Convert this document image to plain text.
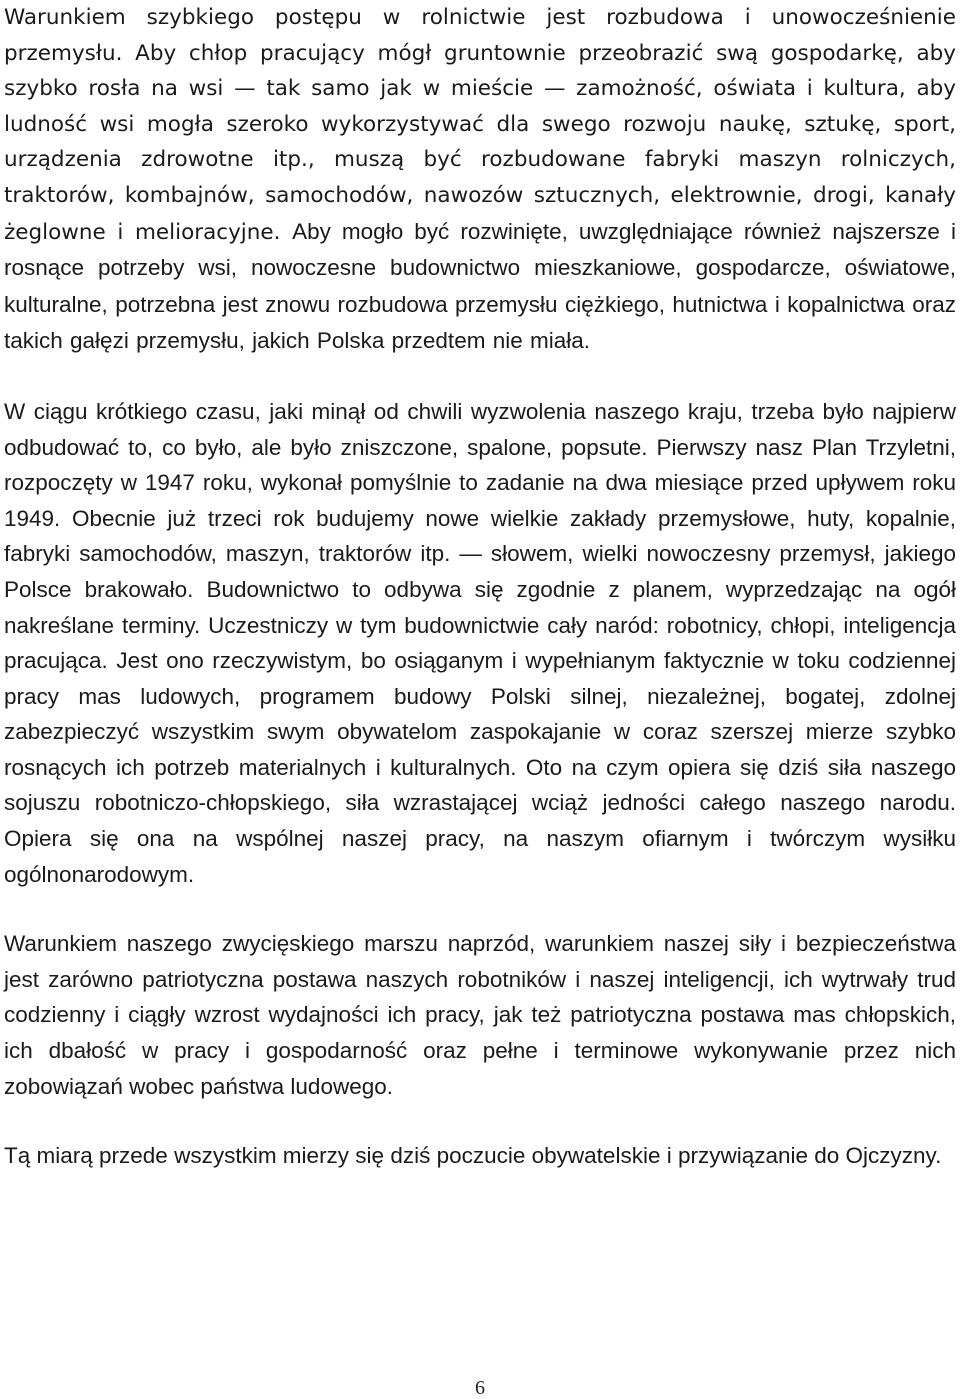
Warunkiem szybkiego postępu w rolnictwie jest rozbudowa i unowocześnienie przemysłu. Aby chłop pracujący mógł gruntownie przeobrazić swą gospodarkę, aby szybko rosła na wsi — tak samo jak w mieście — zamożność, oświata i kultura, aby ludność wsi mogła szeroko wykorzystywać dla swego rozwoju naukę, sztukę, sport, urządzenia zdrowotne itp., muszą być rozbudowane fabryki maszyn rolniczych, traktorów, kombajnów, samochodów, nawozów sztucznych, elektrownie, drogi, kanały żeglowne i melioracyjne. Aby mogło być rozwinięte, uwzględniające również najszersze i rosnące potrzeby wsi, nowoczesne budownictwo mieszkaniowe, gospodarcze, oświatowe, kulturalne, potrzebna jest znowu rozbudowa przemysłu ciężkiego, hutnictwa i kopalnictwa oraz takich gałęzi przemysłu, jakich Polska przedtem nie miała.

W ciągu krótkiego czasu, jaki minął od chwili wyzwolenia naszego kraju, trzeba było najpierw odbudować to, co było, ale było zniszczone, spalone, popsute. Pierwszy nasz Plan Trzyletni, rozpoczęty w 1947 roku, wykonał pomyślnie to zadanie na dwa miesiące przed upływem roku 1949. Obecnie już trzeci rok budujemy nowe wielkie zakłady przemysłowe, huty, kopalnie, fabryki samochodów, maszyn, traktorów itp. — słowem, wielki nowoczesny przemysł, jakiego Polsce brakowało. Budownictwo to odbywa się zgodnie z planem, wyprzedzając na ogół nakreślane terminy. Uczestniczy w tym budownictwie cały naród: robotnicy, chłopi, inteligencja pracująca. Jest ono rzeczywistym, bo osiąganym i wypełnianym faktycznie w toku codziennej pracy mas ludowych, programem budowy Polski silnej, niezależnej, bogatej, zdolnej zabezpieczyć wszystkim swym obywatelom zaspokajanie w coraz szerszej mierze szybko rosnących ich potrzeb materialnych i kulturalnych. Oto na czym opiera się dziś siła naszego sojuszu robotniczo-chłopskiego, siła wzrastającej wciąż jedności całego naszego narodu. Opiera się ona na wspólnej naszej pracy, na naszym ofiarnym i twórczym wysiłku ogólnonarodowym.

Warunkiem naszego zwycięskiego marszu naprzód, warunkiem naszej siły i bezpieczeństwa jest zarówno patriotyczna postawa naszych robotników i naszej inteligencji, ich wytrwały trud codzienny i ciągły wzrost wydajności ich pracy, jak też patriotyczna postawa mas chłopskich, ich dbałość w pracy i gospodarność oraz pełne i terminowe wykonywanie przez nich zobowiązań wobec państwa ludowego.

Tą miarą przede wszystkim mierzy się dziś poczucie obywatelskie i przywiązanie do Ojczyzny.

6
